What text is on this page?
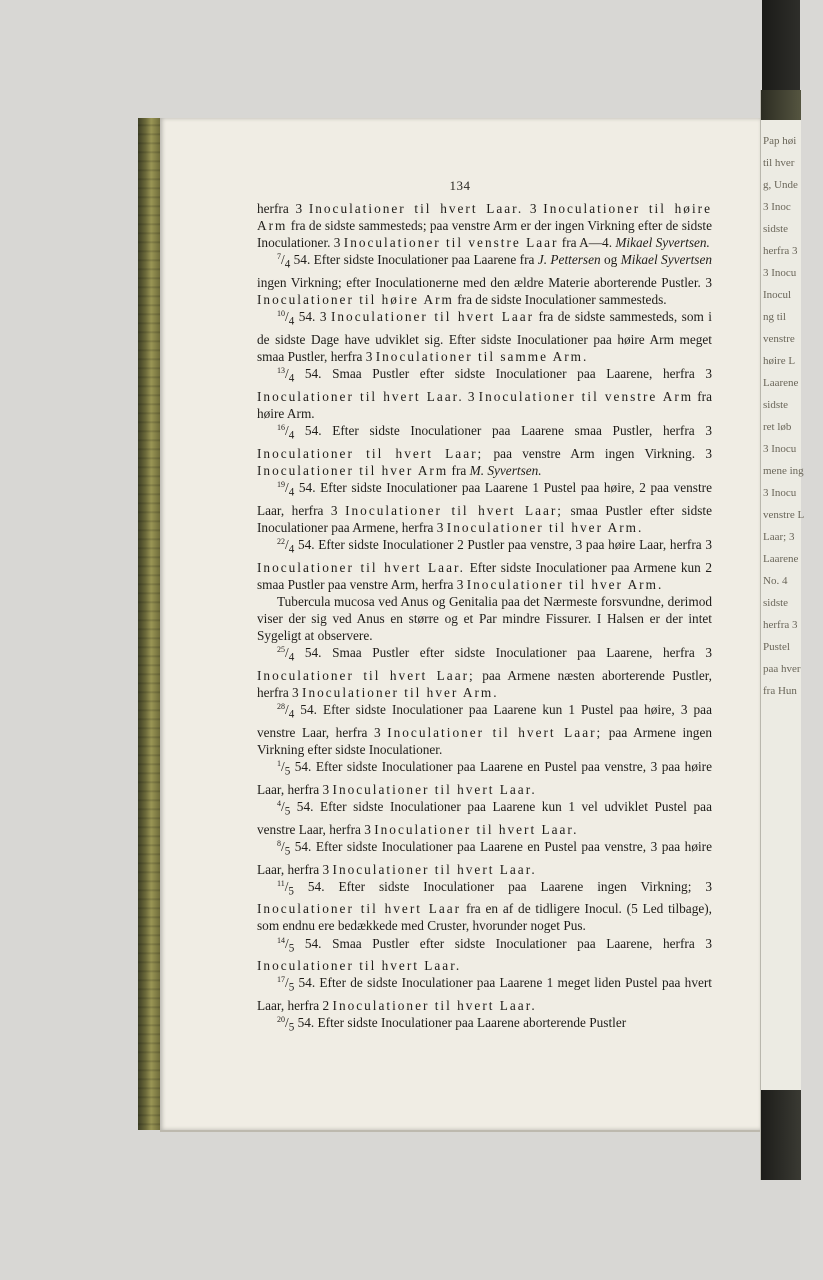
Pap høi
til hver
g, Unde
3 Inoc
sidste
herfra 3
3 Inocu
Inocul
ng til
venstre
høire L
Laarene
sidste
ret løb
3 Inocu
mene ing
3 Inocu
venstre L
Laar; 3
Laarene
No. 4
sidste
herfra 3
Pustel
paa hver
fra Hun
134

herfra 3 Inoculationer til hvert Laar. 3 Inoculationer til høire Arm fra de sidste sammesteds; paa venstre Arm er der ingen Virkning efter de sidste Inoculationer. 3 Inoculationer til venstre Laar fra A—4. Mikael Syvertsen.

$^7/_4$ 54. Efter sidste Inoculationer paa Laarene fra J. Pettersen og Mikael Syvertsen ingen Virkning; efter Inoculationerne med den ældre Materie aborterende Pustler. 3 Inoculationer til høire Arm fra de sidste Inoculationer sammesteds.

$^{10}/_4$ 54. 3 Inoculationer til hvert Laar fra de sidste sammesteds, som i de sidste Dage have udviklet sig. Efter sidste Inoculationer paa høire Arm meget smaa Pustler, herfra 3 Inoculationer til samme Arm.

$^{13}/_4$ 54. Smaa Pustler efter sidste Inoculationer paa Laarene, herfra 3 Inoculationer til hvert Laar. 3 Inoculationer til venstre Arm fra høire Arm.

$^{16}/_4$ 54. Efter sidste Inoculationer paa Laarene smaa Pustler, herfra 3 Inoculationer til hvert Laar; paa venstre Arm ingen Virkning. 3 Inoculationer til hver Arm fra M. Syvertsen.

$^{19}/_4$ 54. Efter sidste Inoculationer paa Laarene 1 Pustel paa høire, 2 paa venstre Laar, herfra 3 Inoculationer til hvert Laar; smaa Pustler efter sidste Inoculationer paa Armene, herfra 3 Inoculationer til hver Arm.

$^{22}/_4$ 54. Efter sidste Inoculationer 2 Pustler paa venstre, 3 paa høire Laar, herfra 3 Inoculationer til hvert Laar. Efter sidste Inoculationer paa Armene kun 2 smaa Pustler paa venstre Arm, herfra 3 Inoculationer til hver Arm.

Tubercula mucosa ved Anus og Genitalia paa det Nærmeste forsvundne, derimod viser der sig ved Anus en større og et Par mindre Fissurer. I Halsen er der intet Sygeligt at observere.

$^{25}/_4$ 54. Smaa Pustler efter sidste Inoculationer paa Laarene, herfra 3 Inoculationer til hvert Laar; paa Armene næsten aborterende Pustler, herfra 3 Inoculationer til hver Arm.

$^{28}/_4$ 54. Efter sidste Inoculationer paa Laarene kun 1 Pustel paa høire, 3 paa venstre Laar, herfra 3 Inoculationer til hvert Laar; paa Armene ingen Virkning efter sidste Inoculationer.

$^1/_5$ 54. Efter sidste Inoculationer paa Laarene en Pustel paa venstre, 3 paa høire Laar, herfra 3 Inoculationer til hvert Laar.

$^4/_5$ 54. Efter sidste Inoculationer paa Laarene kun 1 vel udviklet Pustel paa venstre Laar, herfra 3 Inoculationer til hvert Laar.

$^8/_5$ 54. Efter sidste Inoculationer paa Laarene en Pustel paa venstre, 3 paa høire Laar, herfra 3 Inoculationer til hvert Laar.

$^{11}/_5$ 54. Efter sidste Inoculationer paa Laarene ingen Virkning; 3 Inoculationer til hvert Laar fra en af de tidligere Inocul. (5 Led tilbage), som endnu ere bedækkede med Cruster, hvorunder noget Pus.

$^{14}/_5$ 54. Smaa Pustler efter sidste Inoculationer paa Laarene, herfra 3 Inoculationer til hvert Laar.

$^{17}/_5$ 54. Efter de sidste Inoculationer paa Laarene 1 meget liden Pustel paa hvert Laar, herfra 2 Inoculationer til hvert Laar.

$^{20}/_5$ 54. Efter sidste Inoculationer paa Laarene aborterende Pustler
